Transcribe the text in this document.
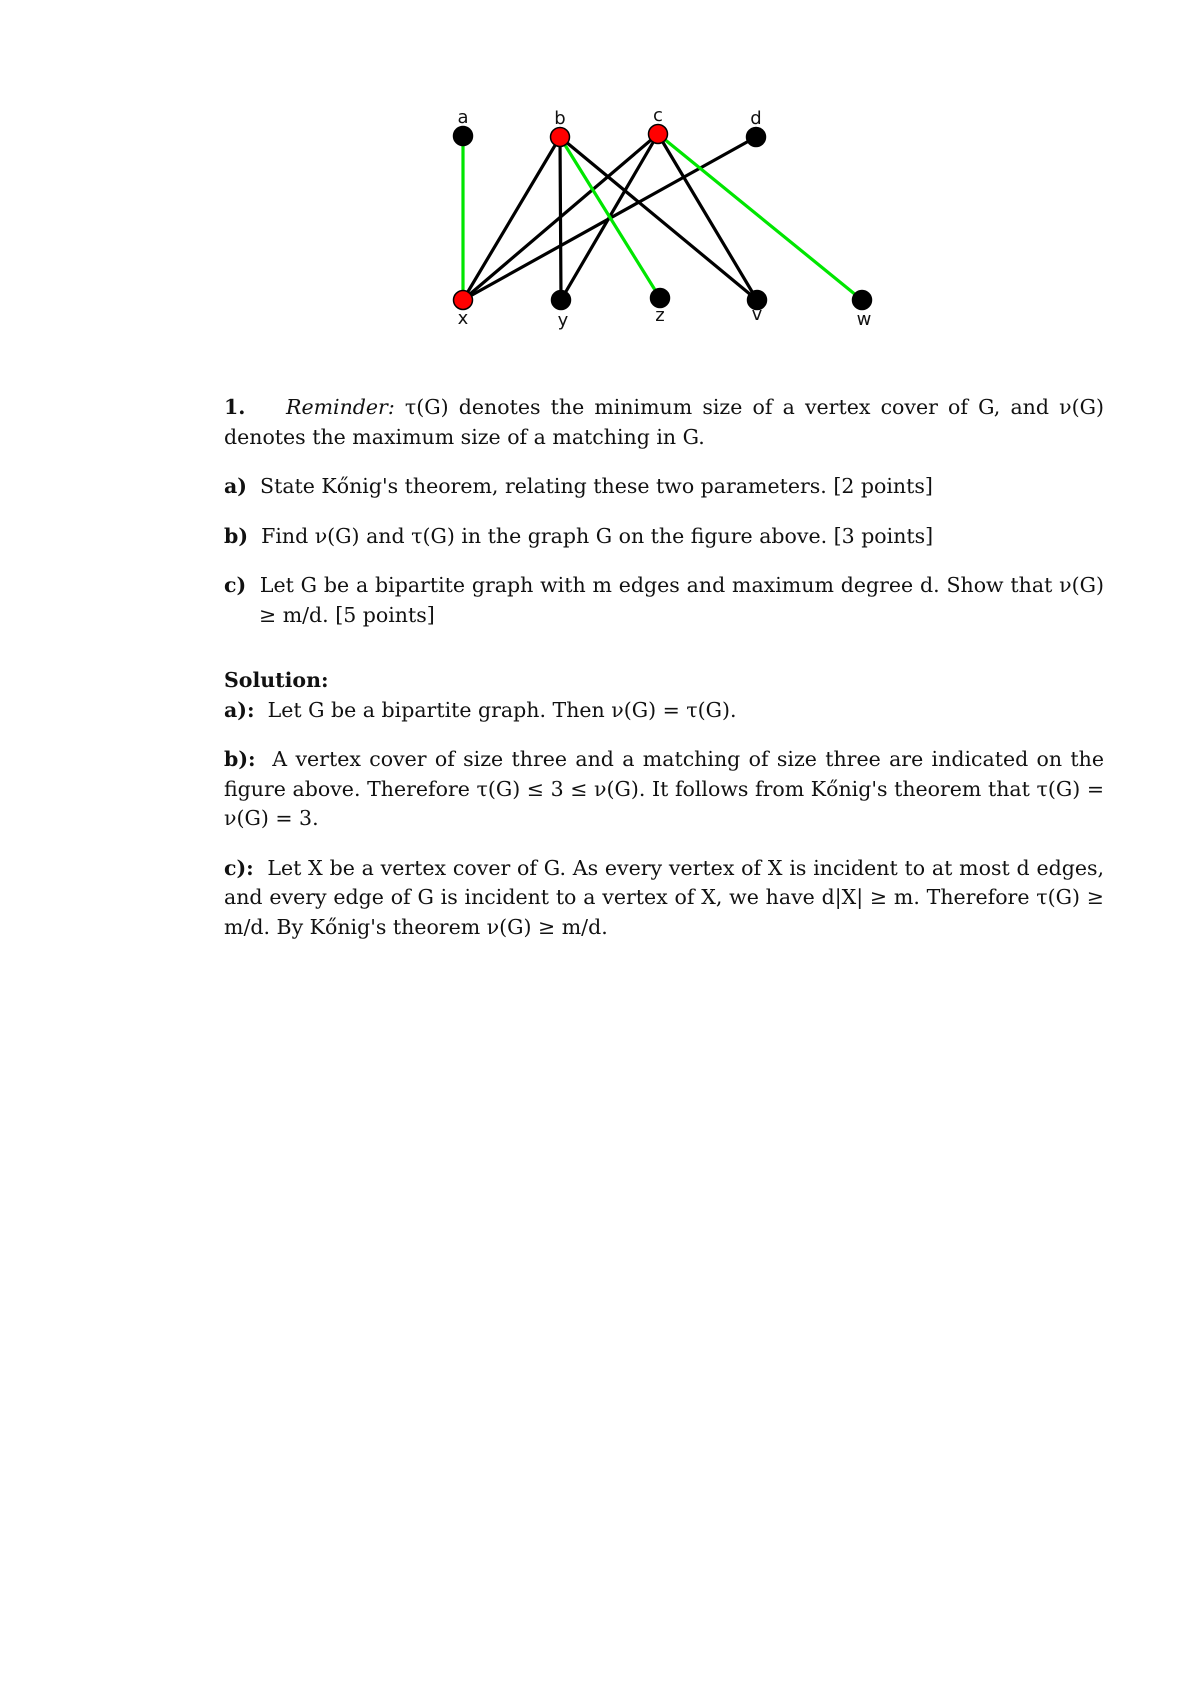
a	b	c	d
x	y	z	v	w

1. Reminder: τ(G) denotes the minimum size of a vertex cover of G, and ν(G) denotes the maximum size of a matching in G.

a) State Kőnig's theorem, relating these two parameters. [2 points]

b) Find ν(G) and τ(G) in the graph G on the figure above. [3 points]

c) Let G be a bipartite graph with m edges and maximum degree d. Show that ν(G) ≥ m/d. [5 points]

Solution:

a): Let G be a bipartite graph. Then ν(G) = τ(G).

b): A vertex cover of size three and a matching of size three are indicated on the figure above. Therefore τ(G) ≤ 3 ≤ ν(G). It follows from Kőnig's theorem that τ(G) = ν(G) = 3.

c): Let X be a vertex cover of G. As every vertex of X is incident to at most d edges, and every edge of G is incident to a vertex of X, we have d|X| ≥ m. Therefore τ(G) ≥ m/d. By Kőnig's theorem ν(G) ≥ m/d.
